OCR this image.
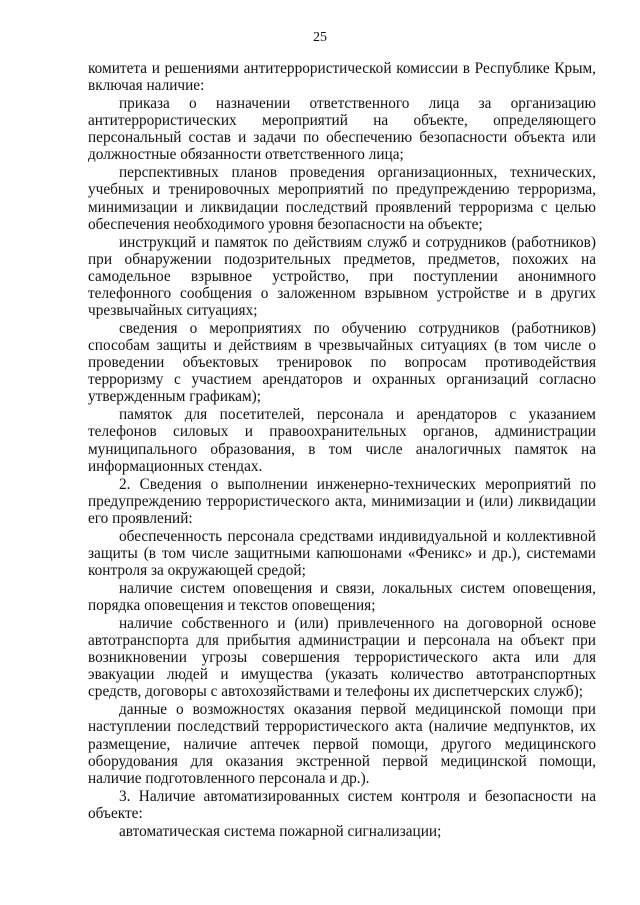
25

комитета и решениями антитеррористической комиссии в Республике Крым, включая наличие:

приказа о назначении ответственного лица за организацию антитеррористических мероприятий на объекте, определяющего персональный состав и задачи по обеспечению безопасности объекта или должностные обязанности ответственного лица;

перспективных планов проведения организационных, технических, учебных и тренировочных мероприятий по предупреждению терроризма, минимизации и ликвидации последствий проявлений терроризма с целью обеспечения необходимого уровня безопасности на объекте;

инструкций и памяток по действиям служб и сотрудников (работников) при обнаружении подозрительных предметов, предметов, похожих на самодельное взрывное устройство, при поступлении анонимного телефонного сообщения о заложенном взрывном устройстве и в других чрезвычайных ситуациях;

сведения о мероприятиях по обучению сотрудников (работников) способам защиты и действиям в чрезвычайных ситуациях (в том числе о проведении объектовых тренировок по вопросам противодействия терроризму с участием арендаторов и охранных организаций согласно утвержденным графикам);

памяток для посетителей, персонала и арендаторов с указанием телефонов силовых и правоохранительных органов, администрации муниципального образования, в том числе аналогичных памяток на информационных стендах.

2. Сведения о выполнении инженерно-технических мероприятий по предупреждению террористического акта, минимизации и (или) ликвидации его проявлений:

обеспеченность персонала средствами индивидуальной и коллективной защиты (в том числе защитными капюшонами «Феникс» и др.), системами контроля за окружающей средой;

наличие систем оповещения и связи, локальных систем оповещения, порядка оповещения и текстов оповещения;

наличие собственного и (или) привлеченного на договорной основе автотранспорта для прибытия администрации и персонала на объект при возникновении угрозы совершения террористического акта или для эвакуации людей и имущества (указать количество автотранспортных средств, договоры с автохозяйствами и телефоны их диспетчерских служб);

данные о возможностях оказания первой медицинской помощи при наступлении последствий террористического акта (наличие медпунктов, их размещение, наличие аптечек первой помощи, другого медицинского оборудования для оказания экстренной первой медицинской помощи, наличие подготовленного персонала и др.).

3. Наличие автоматизированных систем контроля и безопасности на объекте:

автоматическая система пожарной сигнализации;
